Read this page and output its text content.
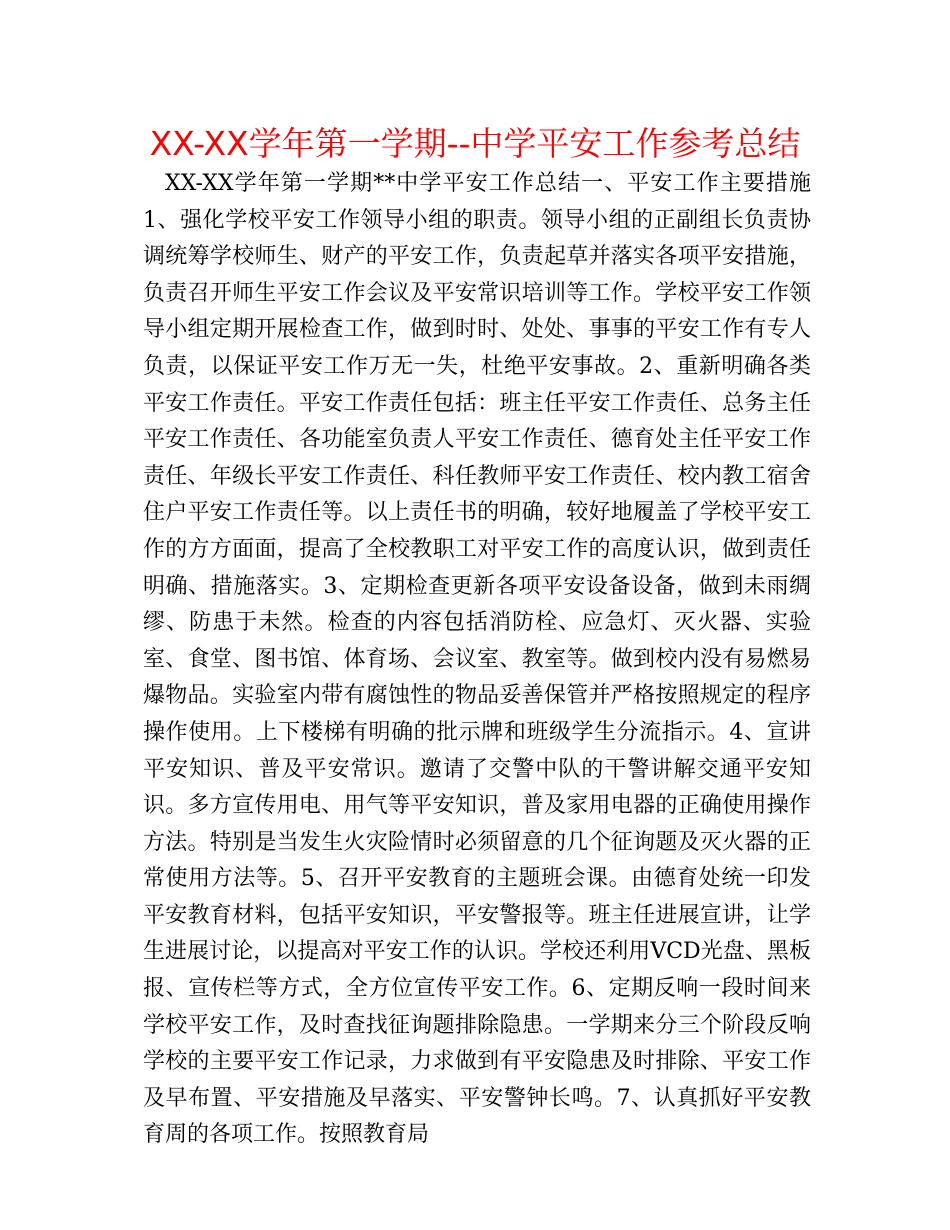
XX-XX学年第一学期--中学平安工作参考总结

XX-XX学年第一学期**中学平安工作总结一、平安工作主要措施1、强化学校平安工作领导小组的职责。领导小组的正副组长负责协调统筹学校师生、财产的平安工作，负责起草并落实各项平安措施，负责召开师生平安工作会议及平安常识培训等工作。学校平安工作领导小组定期开展检查工作，做到时时、处处、事事的平安工作有专人负责，以保证平安工作万无一失，杜绝平安事故。2、重新明确各类平安工作责任。平安工作责任包括：班主任平安工作责任、总务主任平安工作责任、各功能室负责人平安工作责任、德育处主任平安工作责任、年级长平安工作责任、科任教师平安工作责任、校内教工宿舍住户平安工作责任等。以上责任书的明确，较好地履盖了学校平安工作的方方面面，提高了全校教职工对平安工作的高度认识，做到责任明确、措施落实。3、定期检查更新各项平安设备设备，做到未雨绸缪、防患于未然。检查的内容包括消防栓、应急灯、灭火器、实验室、食堂、图书馆、体育场、会议室、教室等。做到校内没有易燃易爆物品。实验室内带有腐蚀性的物品妥善保管并严格按照规定的程序操作使用。上下楼梯有明确的批示牌和班级学生分流指示。4、宣讲平安知识、普及平安常识。邀请了交警中队的干警讲解交通平安知识。多方宣传用电、用气等平安知识，普及家用电器的正确使用操作方法。特别是当发生火灾险情时必须留意的几个征询题及灭火器的正常使用方法等。5、召开平安教育的主题班会课。由德育处统一印发平安教育材料，包括平安知识，平安警报等。班主任进展宣讲，让学生进展讨论，以提高对平安工作的认识。学校还利用VCD光盘、黑板报、宣传栏等方式，全方位宣传平安工作。6、定期反响一段时间来学校平安工作，及时查找征询题排除隐患。一学期来分三个阶段反响学校的主要平安工作记录，力求做到有平安隐患及时排除、平安工作及早布置、平安措施及早落实、平安警钟长鸣。7、认真抓好平安教育周的各项工作。按照教育局
